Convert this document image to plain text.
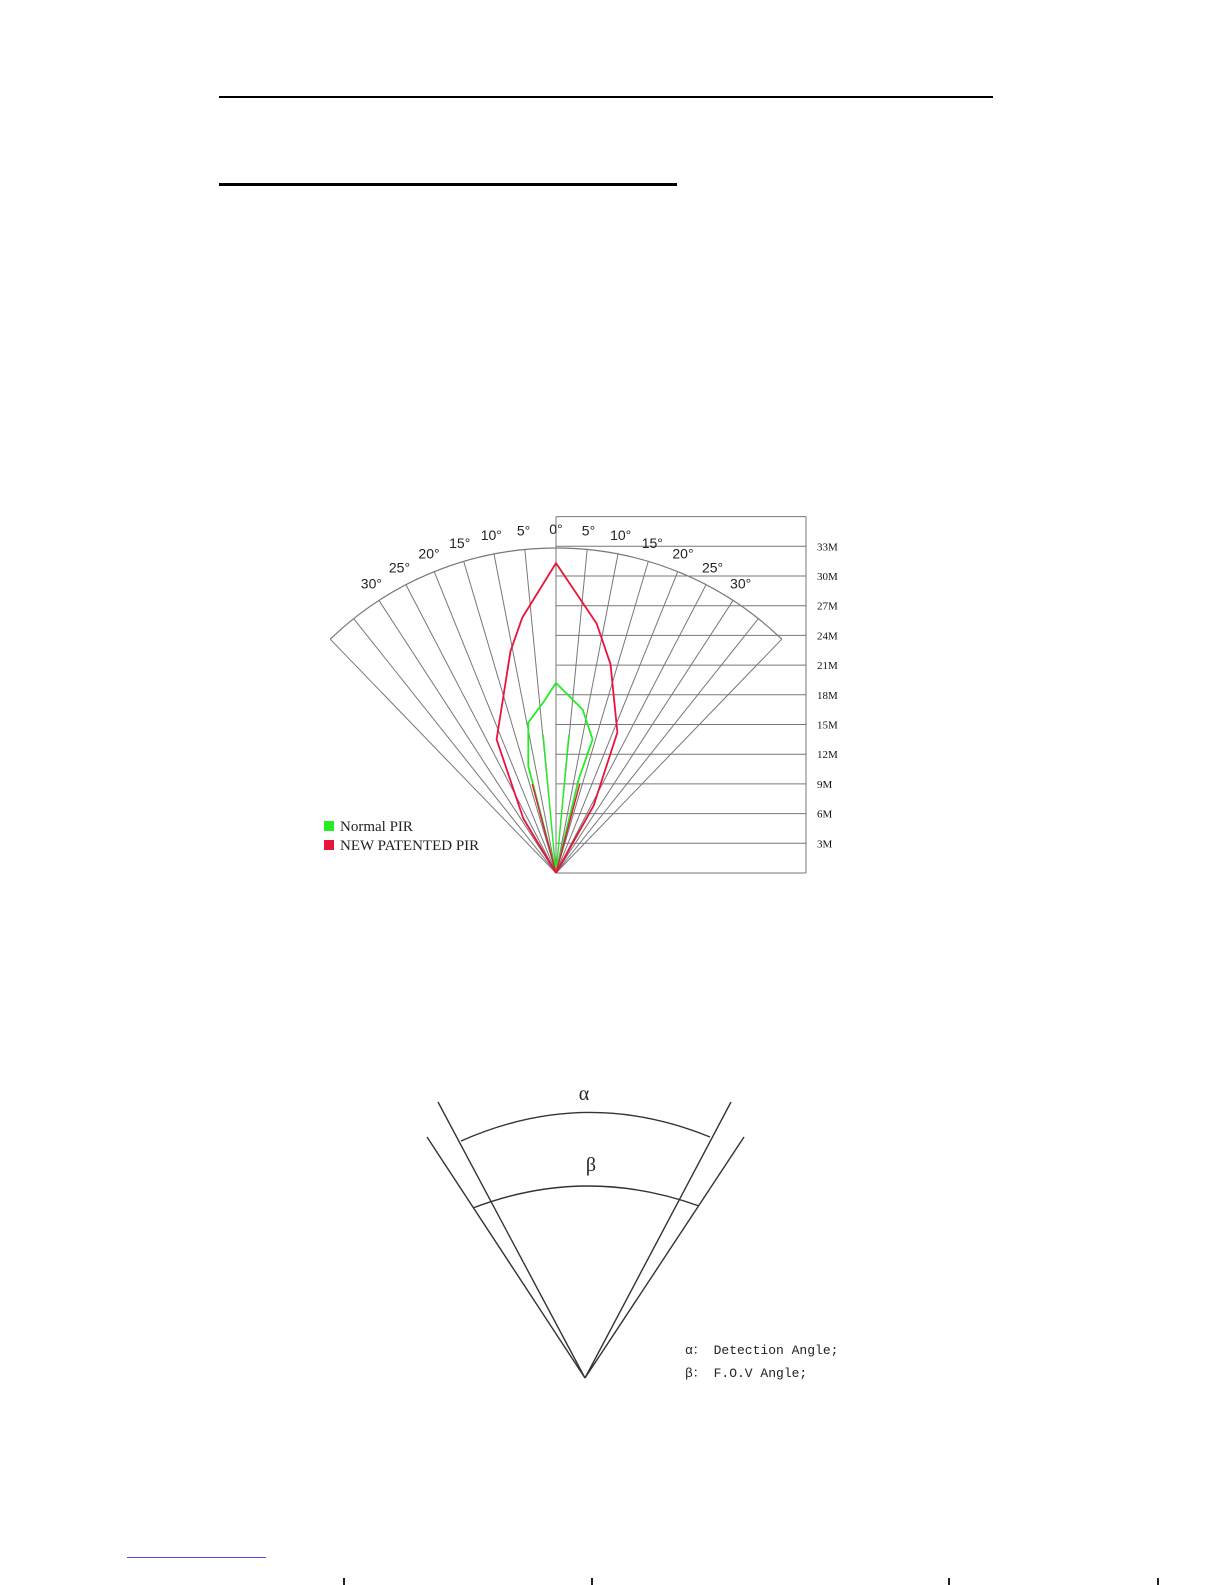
33M
30M
27M
24M
21M
18M
15M
12M
9M
6M
3M
0° 5° 10° 15°
20°
25°
30°
30°
25°
20°
15° 10° 5°
Normal PIR
NEW PATENTED PIR
α
β
α： Detection Angle;
β： F.O.V Angle;
